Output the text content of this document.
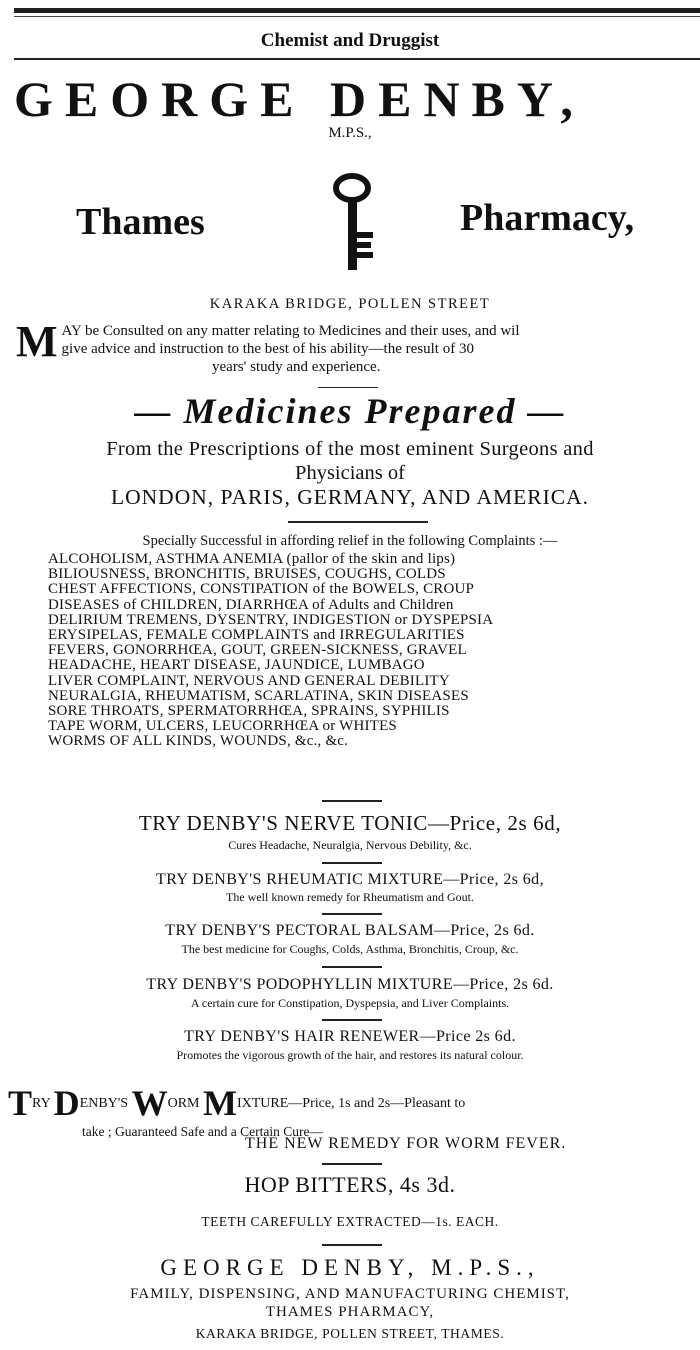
Chemist and Druggist
GEORGE DENBY,
M.P.S.,
Thames	Pharmacy,
KARAKA BRIDGE, POLLEN STREET
M AY be Consulted on any matter relating to Medicines and their uses, and wil
give advice and instruction to the best of his ability—the result of 30
years' study and experience.
— Medicines Prepared —
From the Prescriptions of the most eminent Surgeons and
Physicians of
LONDON, PARIS, GERMANY, AND AMERICA.
Specially Successful in affording relief in the following Complaints :—
ALCOHOLISM, ASTHMA ANEMIA (pallor of the skin and lips)
BILIOUSNESS, BRONCHITIS, BRUISES, COUGHS, COLDS
CHEST AFFECTIONS, CONSTIPATION of the BOWELS, CROUP
DISEASES of CHILDREN, DIARRHŒA of Adults and Children
DELIRIUM TREMENS, DYSENTRY, INDIGESTION or DYSPEPSIA
ERYSIPELAS, FEMALE COMPLAINTS and IRREGULARITIES
FEVERS, GONORRHŒA, GOUT, GREEN-SICKNESS, GRAVEL
HEADACHE, HEART DISEASE, JAUNDICE, LUMBAGO
LIVER COMPLAINT, NERVOUS AND GENERAL DEBILITY
NEURALGIA, RHEUMATISM, SCARLATINA, SKIN DISEASES
SORE THROATS, SPERMATORRHŒA, SPRAINS, SYPHILIS
TAPE WORM, ULCERS, LEUCORRHŒA or WHITES
WORMS OF ALL KINDS, WOUNDS, &c., &c.
TRY DENBY'S NERVE TONIC—Price, 2s 6d,
Cures Headache, Neuralgia, Nervous Debility, &c.
TRY DENBY'S RHEUMATIC MIXTURE—Price, 2s 6d,
The well known remedy for Rheumatism and Gout.
TRY DENBY'S PECTORAL BALSAM—Price, 2s 6d.
The best medicine for Coughs, Colds, Asthma, Bronchitis, Croup, &c.
TRY DENBY'S PODOPHYLLIN MIXTURE—Price, 2s 6d.
A certain cure for Constipation, Dyspepsia, and Liver Complaints.
TRY DENBY'S HAIR RENEWER—Price 2s 6d.
Promotes the vigorous growth of the hair, and restores its natural colour.
TRY DENBY'S WORM MIXTURE—Price, 1s and 2s—Pleasant to
take ; Guaranteed Safe and a Certain Cure—
THE NEW REMEDY FOR WORM FEVER.
HOP BITTERS, 4s 3d.
TEETH CAREFULLY EXTRACTED—1s. EACH.
GEORGE DENBY, M.P.S.,
FAMILY, DISPENSING, AND MANUFACTURING CHEMIST,
THAMES PHARMACY,
KARAKA BRIDGE, POLLEN STREET, THAMES.
